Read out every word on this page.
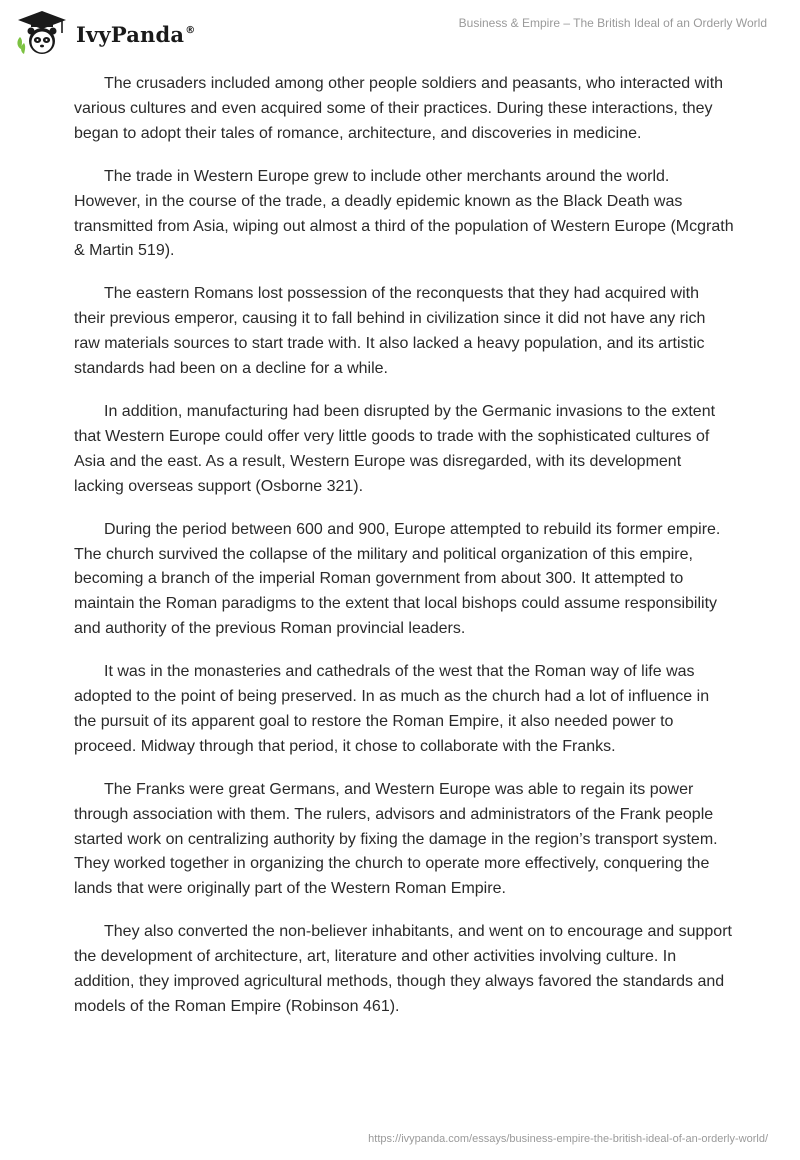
IvyPanda®	Business & Empire – The British Ideal of an Orderly World

The crusaders included among other people soldiers and peasants, who interacted with various cultures and even acquired some of their practices. During these interactions, they began to adopt their tales of romance, architecture, and discoveries in medicine.

The trade in Western Europe grew to include other merchants around the world. However, in the course of the trade, a deadly epidemic known as the Black Death was transmitted from Asia, wiping out almost a third of the population of Western Europe (Mcgrath & Martin 519).

The eastern Romans lost possession of the reconquests that they had acquired with their previous emperor, causing it to fall behind in civilization since it did not have any rich raw materials sources to start trade with. It also lacked a heavy population, and its artistic standards had been on a decline for a while.

In addition, manufacturing had been disrupted by the Germanic invasions to the extent that Western Europe could offer very little goods to trade with the sophisticated cultures of Asia and the east. As a result, Western Europe was disregarded, with its development lacking overseas support (Osborne 321).

During the period between 600 and 900, Europe attempted to rebuild its former empire. The church survived the collapse of the military and political organization of this empire, becoming a branch of the imperial Roman government from about 300. It attempted to maintain the Roman paradigms to the extent that local bishops could assume responsibility and authority of the previous Roman provincial leaders.

It was in the monasteries and cathedrals of the west that the Roman way of life was adopted to the point of being preserved. In as much as the church had a lot of influence in the pursuit of its apparent goal to restore the Roman Empire, it also needed power to proceed. Midway through that period, it chose to collaborate with the Franks.

The Franks were great Germans, and Western Europe was able to regain its power through association with them. The rulers, advisors and administrators of the Frank people started work on centralizing authority by fixing the damage in the region’s transport system. They worked together in organizing the church to operate more effectively, conquering the lands that were originally part of the Western Roman Empire.

They also converted the non-believer inhabitants, and went on to encourage and support the development of architecture, art, literature and other activities involving culture. In addition, they improved agricultural methods, though they always favored the standards and models of the Roman Empire (Robinson 461).

https://ivypanda.com/essays/business-empire-the-british-ideal-of-an-orderly-world/
